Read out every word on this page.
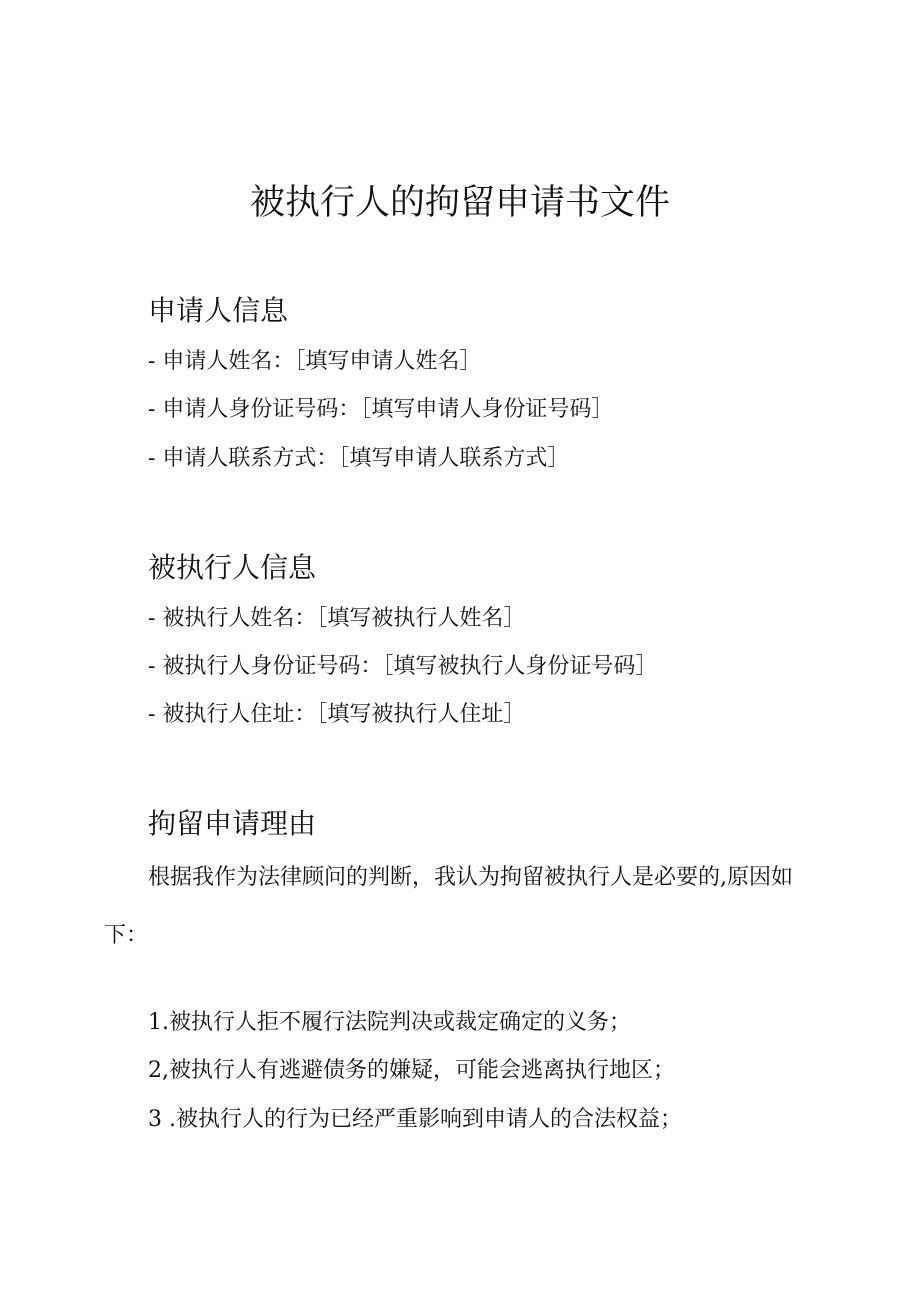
被执行人的拘留申请书文件
申请人信息

- 申请人姓名：［填写申请人姓名］

- 申请人身份证号码：［填写申请人身份证号码］

- 申请人联系方式：［填写申请人联系方式］

被执行人信息

- 被执行人姓名：［填写被执行人姓名］

- 被执行人身份证号码：［填写被执行人身份证号码］

- 被执行人住址：［填写被执行人住址］

拘留申请理由

根据我作为法律顾问的判断，我认为拘留被执行人是必要的,原因如下：

1.被执行人拒不履行法院判决或裁定确定的义务；

2,被执行人有逃避债务的嫌疑，可能会逃离执行地区；

3 .被执行人的行为已经严重影响到申请人的合法权益；
